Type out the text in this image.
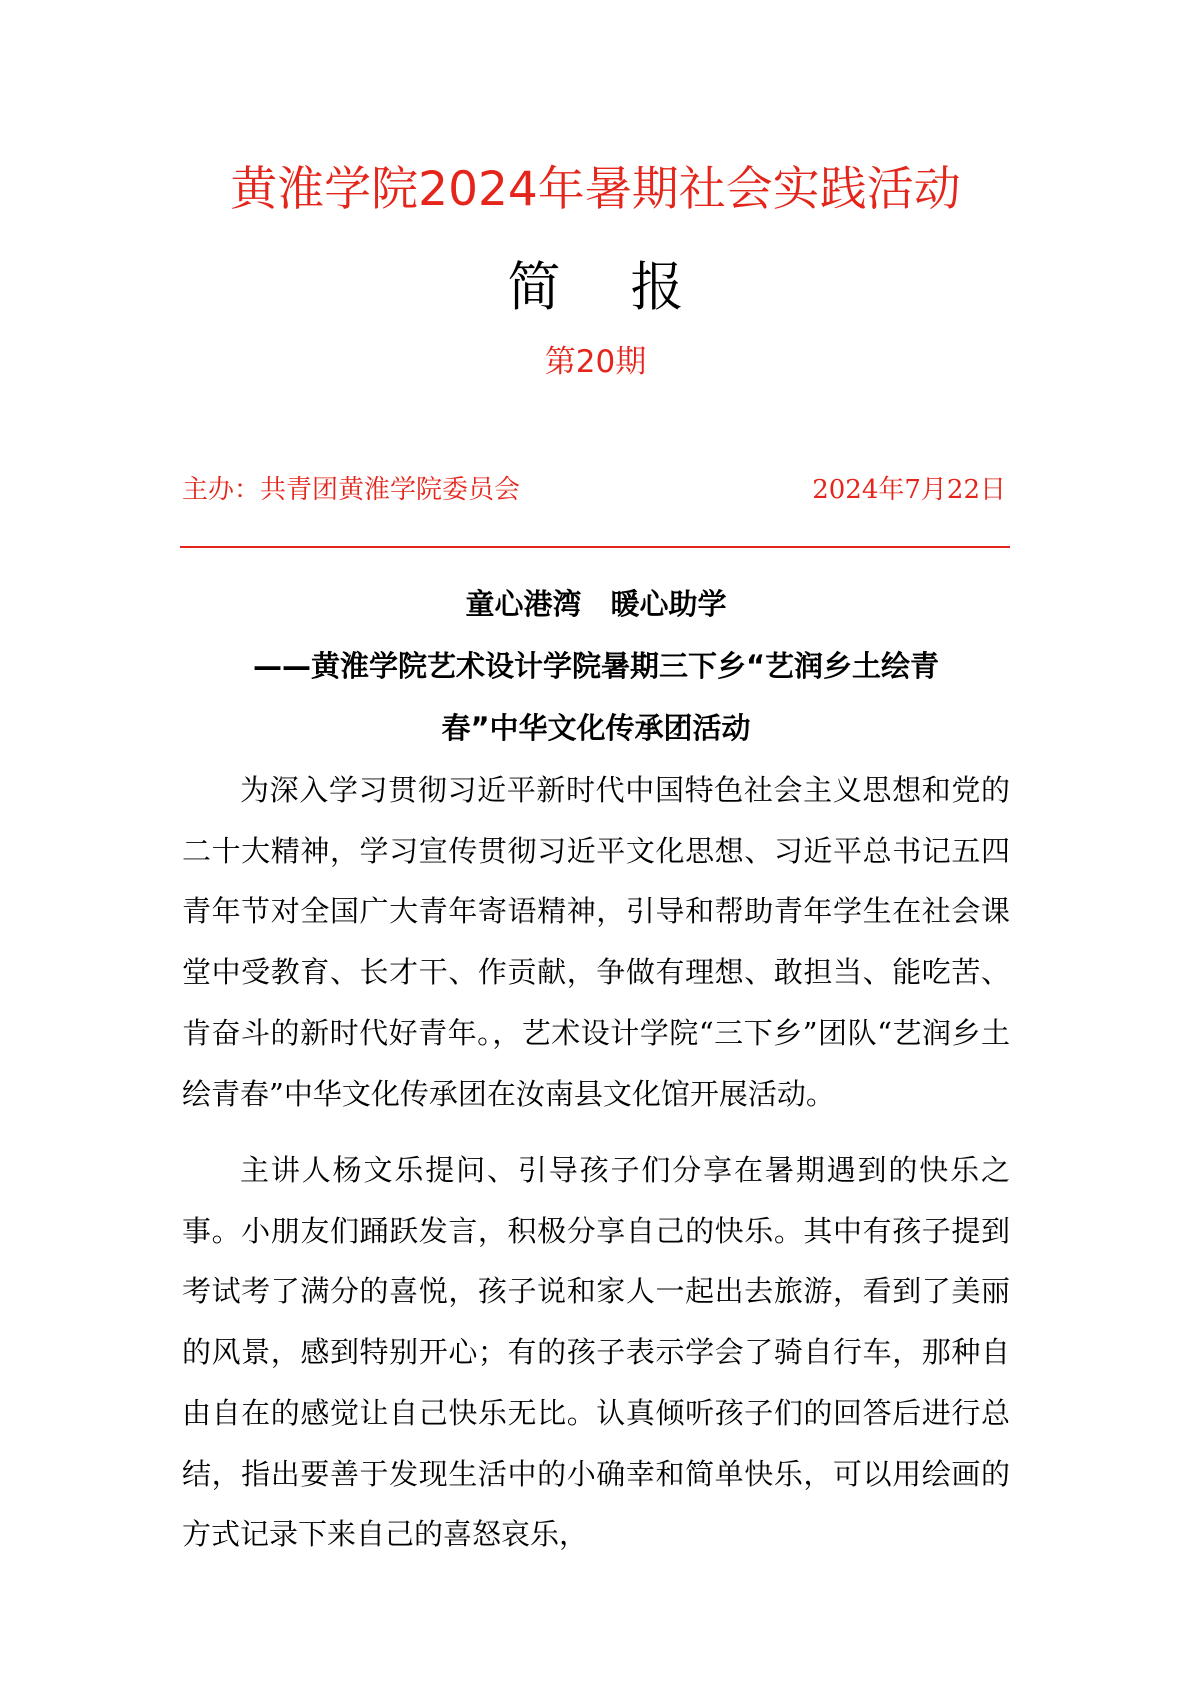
黄淮学院2024年暑期社会实践活动
简报
第20期
主办：共青团黄淮学院委员会	2024年7月22日
童心港湾　暖心助学
——黄淮学院艺术设计学院暑期三下乡“艺润乡土绘青
春”中华文化传承团活动

为深入学习贯彻习近平新时代中国特色社会主义思想和党的二十大精神，学习宣传贯彻习近平文化思想、习近平总书记五四青年节对全国广大青年寄语精神，引导和帮助青年学生在社会课堂中受教育、长才干、作贡献，争做有理想、敢担当、能吃苦、肯奋斗的新时代好青年。，艺术设计学院“三下乡”团队“艺润乡土绘青春”中华文化传承团在汝南县文化馆开展活动。

主讲人杨文乐提问、引导孩子们分享在暑期遇到的快乐之事。小朋友们踊跃发言，积极分享自己的快乐。其中有孩子提到考试考了满分的喜悦，孩子说和家人一起出去旅游，看到了美丽的风景，感到特别开心；有的孩子表示学会了骑自行车，那种自由自在的感觉让自己快乐无比。认真倾听孩子们的回答后进行总结，指出要善于发现生活中的小确幸和简单快乐，可以用绘画的方式记录下来自己的喜怒哀乐，
